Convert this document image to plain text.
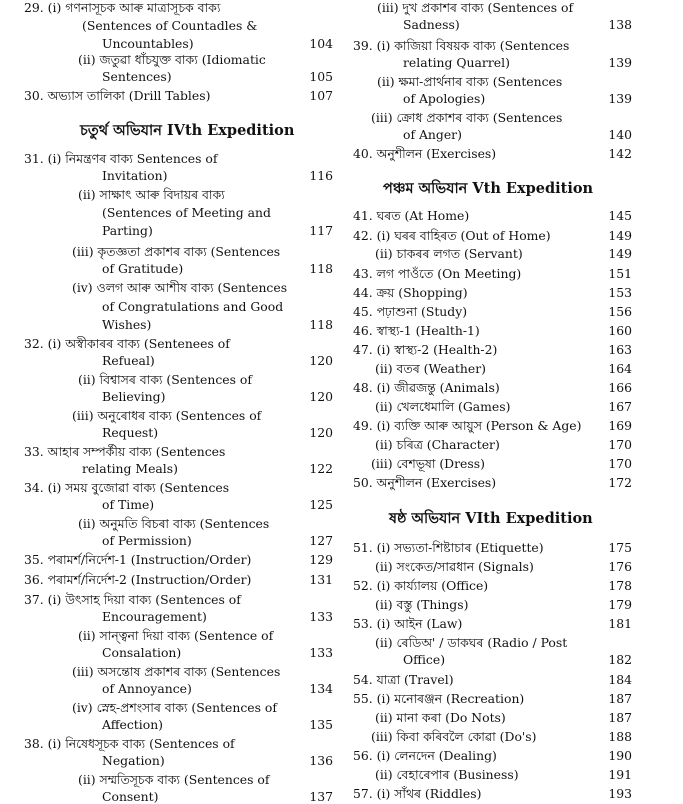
29. (i) গণনাসূচক আৰু মাত্ৰাসূচক বাক্য
(Sentences of Countadles &
Uncountables)	104
(ii) জতুৱা ধাঁচযুক্ত বাক্য (Idiomatic
Sentences)	105
30. অভ্যাস তালিকা (Drill Tables)	107
চতুৰ্থ অভিযান IVth Expedition
31. (i) নিমন্ত্ৰণৰ বাক্য Sentences of
Invitation)	116
(ii) সাক্ষাৎ আৰু বিদায়ৰ বাক্য
(Sentences of Meeting and
Parting)	117
(iii) কৃতজ্ঞতা প্ৰকাশৰ বাক্য (Sentences
of Gratitude)	118
(iv) ওলগ আৰু আশীষ বাক্য (Sentences
of Congratulations and Good
Wishes)	118
32. (i) অস্বীকাৰৰ বাক্য (Sentenees of
Refueal)	120
(ii) বিশ্বাসৰ বাক্য (Sentences of
Believing)	120
(iii) অনুৰোধৰ বাক্য (Sentences of
Request)	120
33. আহাৰ সম্পৰ্কীয় বাক্য (Sentences
relating Meals)	122
34. (i) সময় বুজোৱা বাক্য (Sentences
of Time)	125
(ii) অনুমতি বিচৰা বাক্য (Sentences
of Permission)	127
35. পৰামৰ্শ/নিৰ্দেশ-1 (Instruction/Order)	129
36. পৰামৰ্শ/নিৰ্দেশ-2 (Instruction/Order)	131
37. (i) উৎসাহ দিয়া বাক্য (Sentences of
Encouragement)	133
(ii) সান্ত্বনা দিয়া বাক্য (Sentence of
Consalation)	133
(iii) অসন্তোষ প্ৰকাশৰ বাক্য (Sentences
of Annoyance)	134
(iv) স্নেহ-প্ৰশংসাৰ বাক্য (Sentences of
Affection)	135
38. (i) নিষেধসূচক বাক্য (Sentences of
Negation)	136
(ii) সম্মতিসূচক বাক্য (Sentences of
Consent)	137
(iii) দুখ প্ৰকাশৰ বাক্য (Sentences of
Sadness)	138
39. (i) কাজিয়া বিষয়ক বাক্য (Sentences
relating Quarrel)	139
(ii) ক্ষমা-প্ৰাৰ্থনাৰ বাক্য (Sentences
of Apologies)	139
(iii) ক্ৰোধ প্ৰকাশৰ বাক্য (Sentences
of Anger)	140
40. অনুশীলন (Exercises)	142
পঞ্চম অভিযান Vth Expedition
41. ঘৰত (At Home)	145
42. (i) ঘৰৰ বাহিৰত (Out of Home)	149
(ii) চাকৰৰ লগত (Servant)	149
43. লগ পাওঁতে (On Meeting)	151
44. ক্ৰয় (Shopping)	153
45. পঢ়াশুনা (Study)	156
46. স্বাস্থ্য-1 (Health-1)	160
47. (i) স্বাস্থ্য-2 (Health-2)	163
(ii) বতৰ (Weather)	164
48. (i) জীৱজন্তু (Animals)	166
(ii) খেলধেমালি (Games)	167
49. (i) ব্যক্তি আৰু আয়ুস (Person & Age) 169
(ii) চৰিত্ৰ (Character)	170
(iii) বেশভূষা (Dress)	170
50. অনুশীলন (Exercises)	172
ষষ্ঠ অভিযান VIth Expedition
51. (i) সভ্যতা-শিষ্টাচাৰ (Etiquette)	175
(ii) সংকেত/সাৱধান (Signals)	176
52. (i) কাৰ্য্যালয় (Office)	178
(ii) বস্তু (Things)	179
53. (i) আইন (Law)	181
(ii) ৰেডিঅ' / ডাকঘৰ (Radio / Post
Office)	182
54. যাত্ৰা (Travel)	184
55. (i) মনোৰঞ্জন (Recreation)	187
(ii) মানা কৰা (Do Nots)	187
(iii) কিবা কৰিবলৈ কোৱা (Do's)	188
56. (i) লেনদেন (Dealing)	190
(ii) বেহাৰেপাৰ (Business)	191
57. (i) সাঁথৰ (Riddles)	193
